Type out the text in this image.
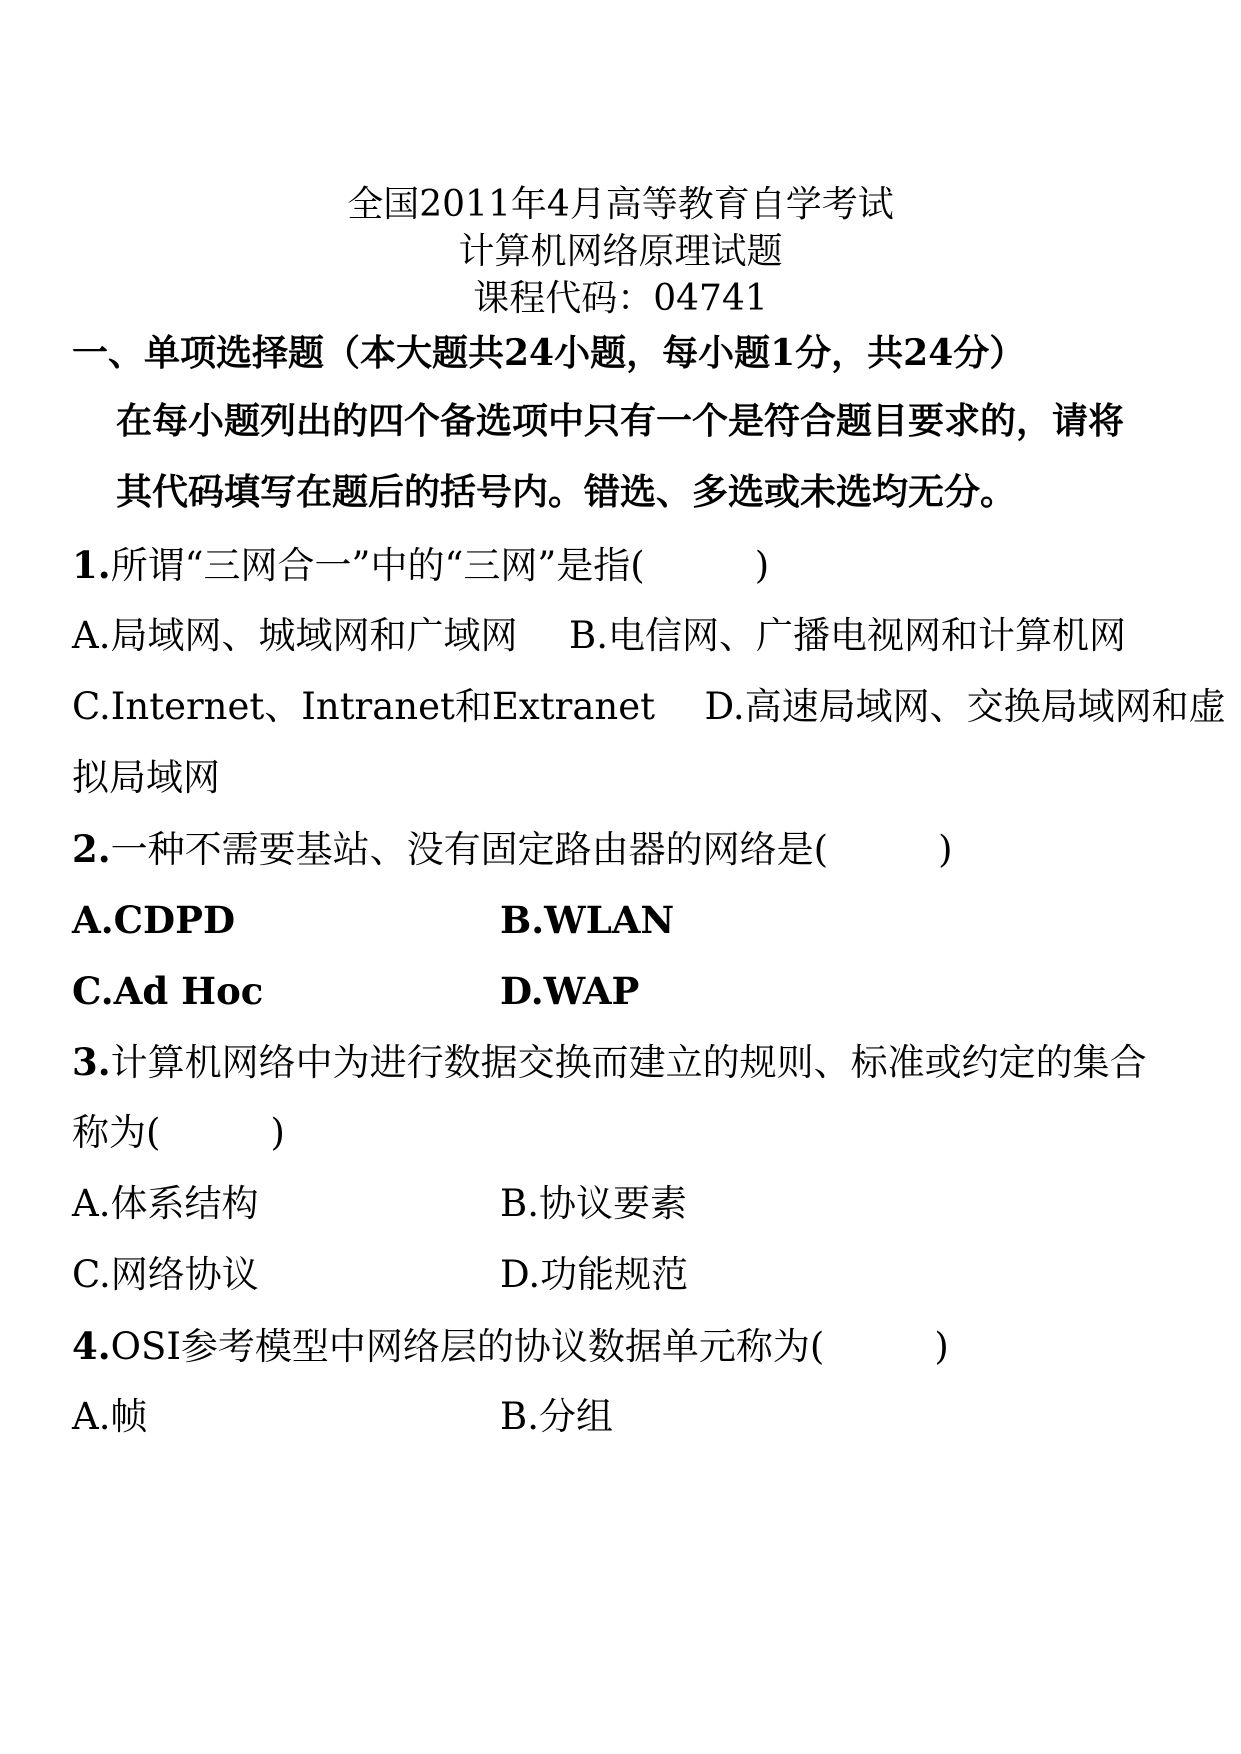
全国2011年4月高等教育自学考试
计算机网络原理试题
课程代码：04741
一、单项选择题（本大题共24小题，每小题1分，共24分）
在每小题列出的四个备选项中只有一个是符合题目要求的，请将
其代码填写在题后的括号内。错选、多选或未选均无分。
1.所谓“三网合一”中的“三网”是指(	)
A.局域网、城域网和广域网 B.电信网、广播电视网和计算机网
C.Internet、Intranet和Extranet D.高速局域网、交换局域网和虚
拟局域网
2.一种不需要基站、没有固定路由器的网络是(	)
A.CDPD	B.WLAN
C.Ad Hoc	D.WAP
3.计算机网络中为进行数据交换而建立的规则、标准或约定的集合
称为(	)
A.体系结构	B.协议要素
C.网络协议	D.功能规范
4.OSI参考模型中网络层的协议数据单元称为(	)
A.帧	B.分组
